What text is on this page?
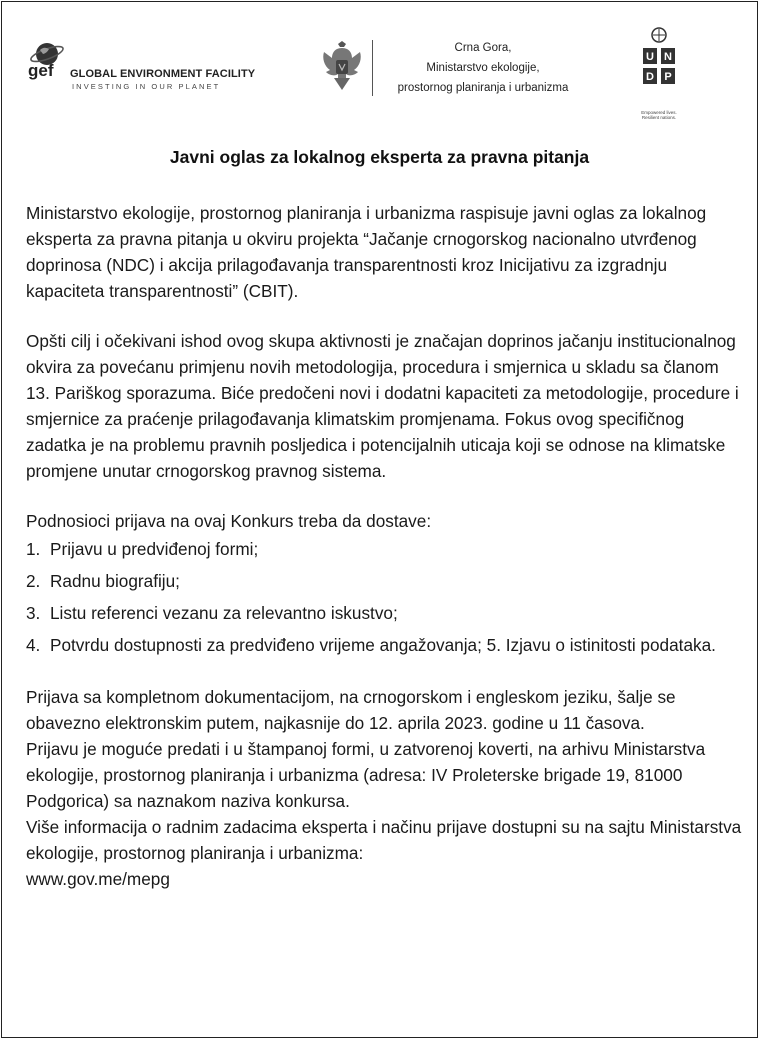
gef GLOBAL ENVIRONMENT FACILITY
INVESTING IN OUR PLANET
Crna Gora,
Ministarstvo ekologije,
prostornog planiranja i urbanizma
U N
D P
Empowered lives. Resilient nations.
Javni oglas za lokalnog eksperta za pravna pitanja

Ministarstvo ekologije, prostornog planiranja i urbanizma raspisuje javni oglas za lokalnog eksperta za pravna pitanja u okviru projekta “Jačanje crnogorskog nacionalno utvrđenog doprinosa (NDC) i akcija prilagođavanja transparentnosti kroz Inicijativu za izgradnju kapaciteta transparentnosti” (CBIT).

Opšti cilj i očekivani ishod ovog skupa aktivnosti je značajan doprinos jačanju institucionalnog okvira za povećanu primjenu novih metodologija, procedura i smjernica u skladu sa članom 13. Pariškog sporazuma. Biće predočeni novi i dodatni kapaciteti za metodologije, procedure i smjernice za praćenje prilagođavanja klimatskim promjenama. Fokus ovog specifičnog zadatka je na problemu pravnih posljedica i potencijalnih uticaja koji se odnose na klimatske promjene unutar crnogorskog pravnog sistema.

Podnosioci prijava na ovaj Konkurs treba da dostave:

1. Prijavu u predviđenoj formi;
2. Radnu biografiju;
3. Listu referenci vezanu za relevantno iskustvo;
4. Potvrdu dostupnosti za predviđeno vrijeme angažovanja; 5. Izjavu o istinitosti podataka.

Prijava sa kompletnom dokumentacijom, na crnogorskom i engleskom jeziku, šalje se obavezno elektronskim putem, najkasnije do 12. aprila 2023. godine u 11 časova.

Prijavu je moguće predati i u štampanoj formi, u zatvorenoj koverti, na arhivu Ministarstva ekologije, prostornog planiranja i urbanizma (adresa: IV Proleterske brigade 19, 81000 Podgorica) sa naznakom naziva konkursa.

Više informacija o radnim zadacima eksperta i načinu prijave dostupni su na sajtu Ministarstva ekologije, prostornog planiranja i urbanizma:

www.gov.me/mepg
